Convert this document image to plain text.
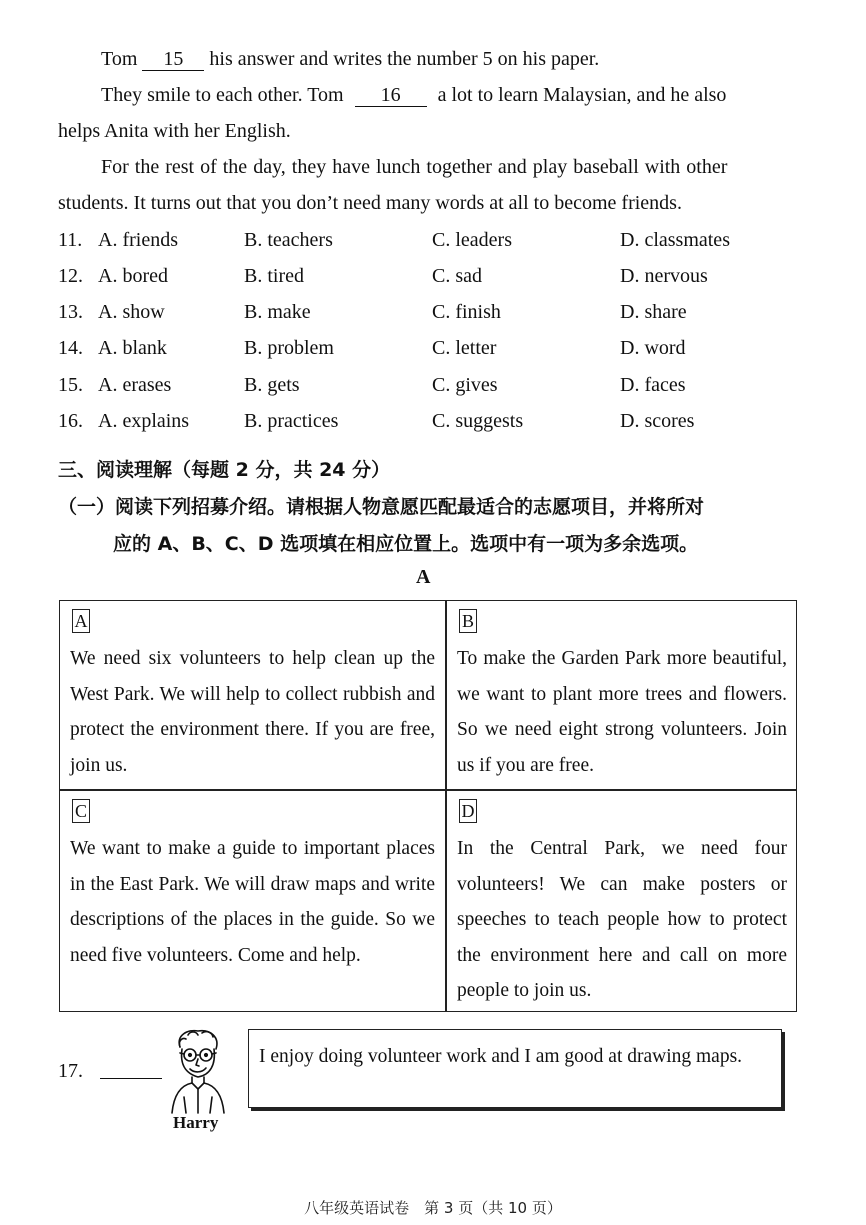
Tom 15 his answer and writes the number 5 on his paper.
They smile to each other. Tom 16 a lot to learn Malaysian, and he also
helps Anita with her English.
For the rest of the day, they have lunch together and play baseball with other
students. It turns out that you don’t need many words at all to become friends.
11. A. friends	B. teachers	C. leaders	D. classmates
12. A. bored	B. tired	C. sad	D. nervous
13. A. show	B. make	C. finish	D. share
14. A. blank	B. problem	C. letter	D. word
15. A. erases	B. gets	C. gives	D. faces
16. A. explains	B. practices	C. suggests	D. scores
三、阅读理解（每题 2 分，共 24 分）
（一）阅读下列招募介绍。请根据人物意愿匹配最适合的志愿项目，并将所对
应的 A、B、C、D 选项填在相应位置上。选项中有一项为多余选项。
A
A

We need six volunteers to help clean up the West Park. We will help to collect rubbish and protect the environment there. If you are free, join us.

B

To make the Garden Park more beautiful, we want to plant more trees and flowers. So we need eight strong volunteers. Join us if you are free.

C

We want to make a guide to important places in the East Park. We will draw maps and write descriptions of the places in the guide. So we need five volunteers. Come and help.

D

In the Central Park, we need four volunteers! We can make posters or speeches to teach people how to protect the environment here and call on more people to join us.

17.
Harry
I enjoy doing volunteer work and I am good at drawing maps.
八年级英语试卷　第 3 页（共 10 页）
